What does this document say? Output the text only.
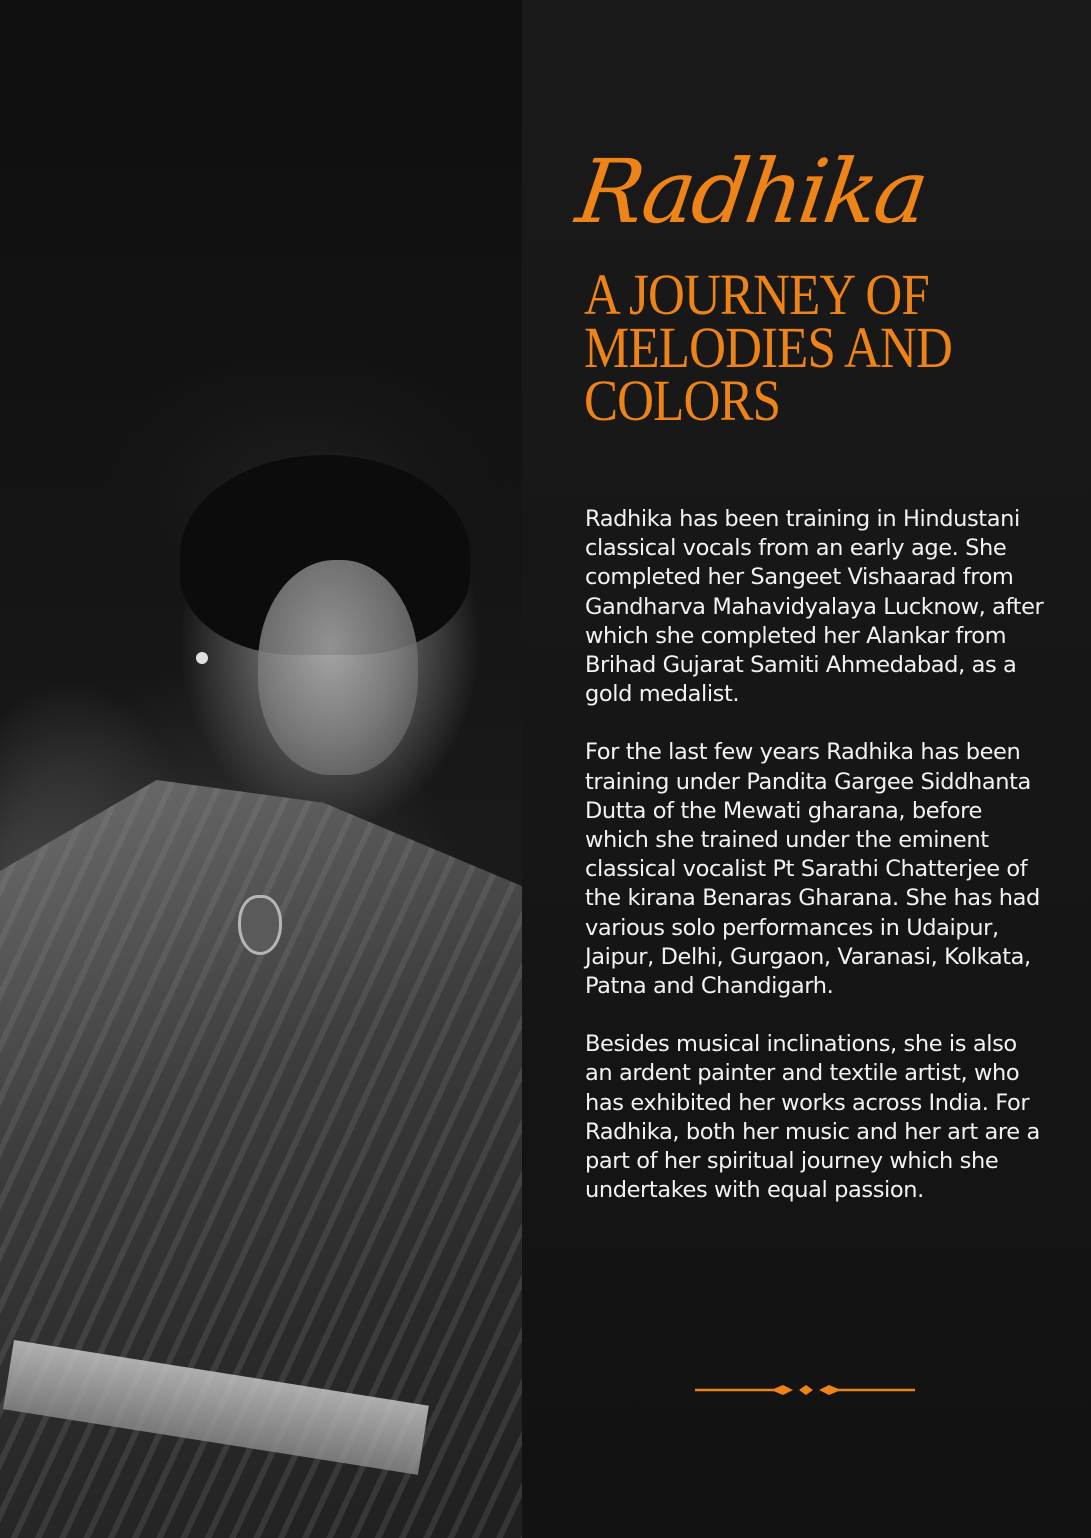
Radhika
A JOURNEY OF
MELODIES AND
COLORS

Radhika has been training in Hindustani classical vocals from an early age. She completed her Sangeet Vishaarad from Gandharva Mahavidyalaya Lucknow, after which she completed her Alankar from Brihad Gujarat Samiti Ahmedabad, as a gold medalist.

For the last few years Radhika has been training under Pandita Gargee Siddhanta Dutta of the Mewati gharana, before which she trained under the eminent classical vocalist Pt Sarathi Chatterjee of the kirana Benaras Gharana. She has had various solo performances in Udaipur, Jaipur, Delhi, Gurgaon, Varanasi, Kolkata, Patna and Chandigarh.

Besides musical inclinations, she is also an ardent painter and textile artist, who has exhibited her works across India. For Radhika, both her music and her art are a part of her spiritual journey which she undertakes with equal passion.
